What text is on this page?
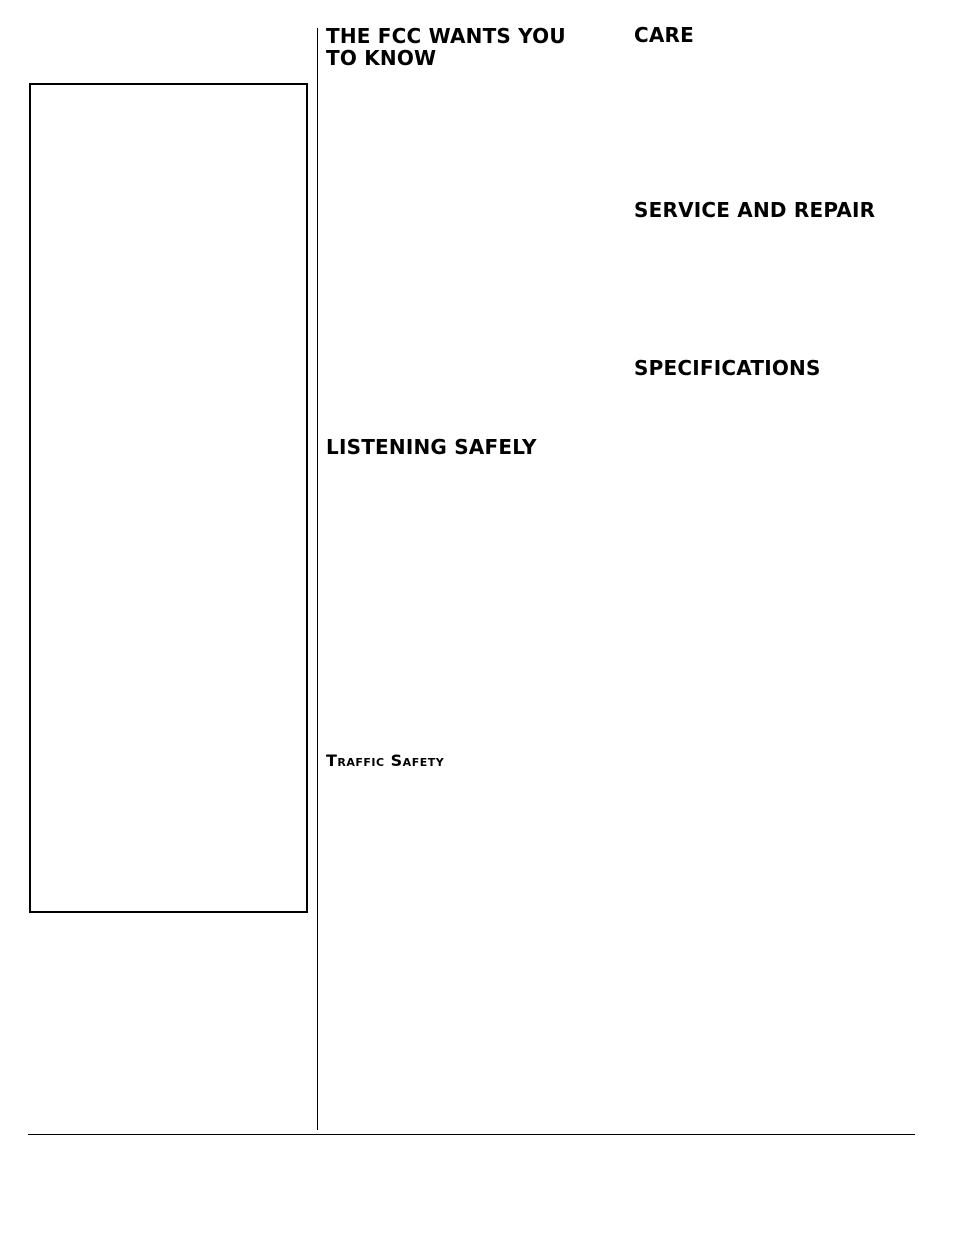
THE FCC WANTS YOU TO KNOW
LISTENING SAFELY
Traffic Safety
CARE
SERVICE AND REPAIR
SPECIFICATIONS
